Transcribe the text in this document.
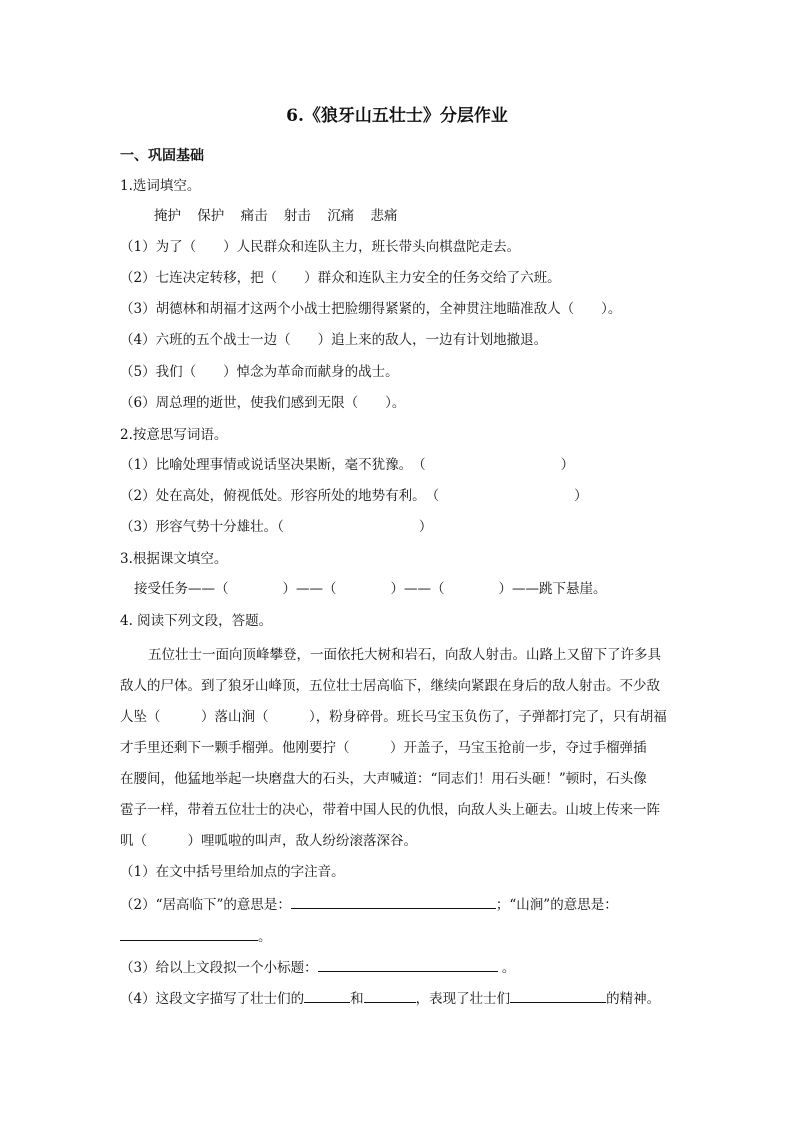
6.《狼牙山五壮士》分层作业
一、巩固基础
1.选词填空。
掩护 保护 痛击 射击 沉痛 悲痛
（1）为了（　　）人民群众和连队主力，班长带头向棋盘陀走去。
（2）七连决定转移，把（　　）群众和连队主力安全的任务交给了六班。
（3）胡德林和胡福才这两个小战士把脸绷得紧紧的，全神贯注地瞄准敌人（　　）。
（4）六班的五个战士一边（　　）追上来的敌人，一边有计划地撤退。
（5）我们（　　）悼念为革命而献身的战士。
（6）周总理的逝世，使我们感到无限（　　）。
2.按意思写词语。
（1）比喻处理事情或说话坚决果断，毫不犹豫。　（　　　　　　　　　　）
（2）处在高处，俯视低处。形容所处的地势有利。　（　　　　　　　　　　）
（3）形容气势十分雄壮。（　　　　　　　　　　）
3.根据课文填空。
接受任务——（　　　　）——（　　　　）——（　　　　）——跳下悬崖。
4. 阅读下列文段，答题。
五位壮士一面向顶峰攀登，一面依托大树和岩石，向敌人射击。山路上又留下了许多具
敌人的尸体。到了狼牙山峰顶，五位壮士居高临下，继续向紧跟在身后的敌人射击。不少敌
人坠（　　　）落山涧（　　　），粉身碎骨。班长马宝玉负伤了，子弹都打完了，只有胡福
才手里还剩下一颗手榴弹。他刚要拧（　　　）开盖子，马宝玉抢前一步，夺过手榴弹插
在腰间，他猛地举起一块磨盘大的石头，大声喊道：“同志们！用石头砸！”顿时，石头像
雹子一样，带着五位壮士的决心，带着中国人民的仇恨，向敌人头上砸去。山坡上传来一阵
叽（　　　）哩呱啦的叫声，敌人纷纷滚落深谷。
（1）在文中括号里给加点的字注音。
（2）“居高临下”的意思是：	；“山涧”的意思是：
。
（3）给以上文段拟一个小标题：	。
（4）这段文字描写了壮士们的	和	，表现了壮士们	的精神。
